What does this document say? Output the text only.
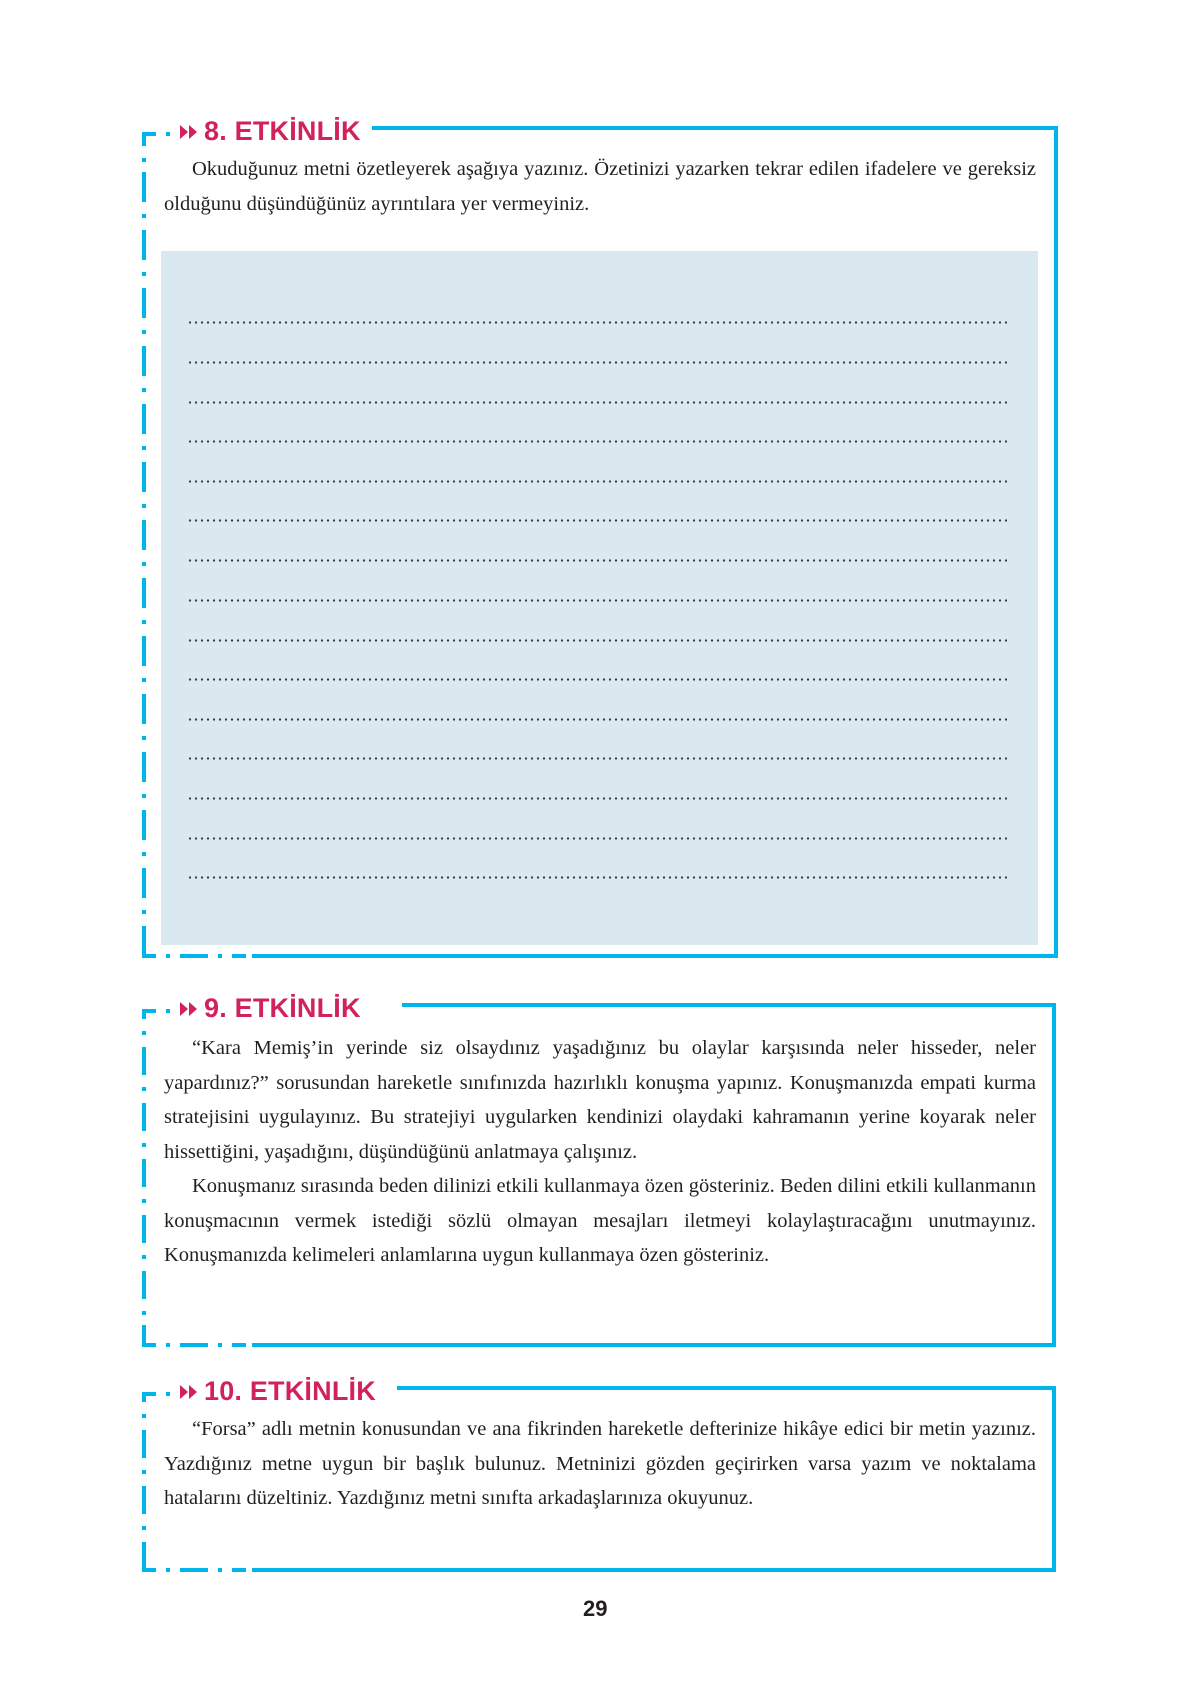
8. ETKİNLİK

Okuduğunuz metni özetleyerek aşağıya yazınız. Özetinizi yazarken tekrar edilen ifadelere ve gereksiz olduğunu düşündüğünüz ayrıntılara yer vermeyiniz.

9. ETKİNLİK

“Kara Memiş’in yerinde siz olsaydınız yaşadığınız bu olaylar karşısında neler hisseder, neler yapardınız?” sorusundan hareketle sınıfınızda hazırlıklı konuşma yapınız. Konuşmanızda empati kurma stratejisini uygulayınız. Bu stratejiyi uygularken kendinizi olaydaki kahramanın yerine koyarak neler hissettiğini, yaşadığını, düşündüğünü anlatmaya çalışınız.

Konuşmanız sırasında beden dilinizi etkili kullanmaya özen gösteriniz. Beden dilini etkili kullanmanın konuşmacının vermek istediği sözlü olmayan mesajları iletmeyi kolaylaştıracağını unutmayınız. Konuşmanızda kelimeleri anlamlarına uygun kullanmaya özen gösteriniz.

10. ETKİNLİK

“Forsa” adlı metnin konusundan ve ana fikrinden hareketle defterinize hikâye edici bir metin yazınız. Yazdığınız metne uygun bir başlık bulunuz. Metninizi gözden geçirirken varsa yazım ve noktalama hatalarını düzeltiniz. Yazdığınız metni sınıfta arkadaşlarınıza okuyunuz.

29
